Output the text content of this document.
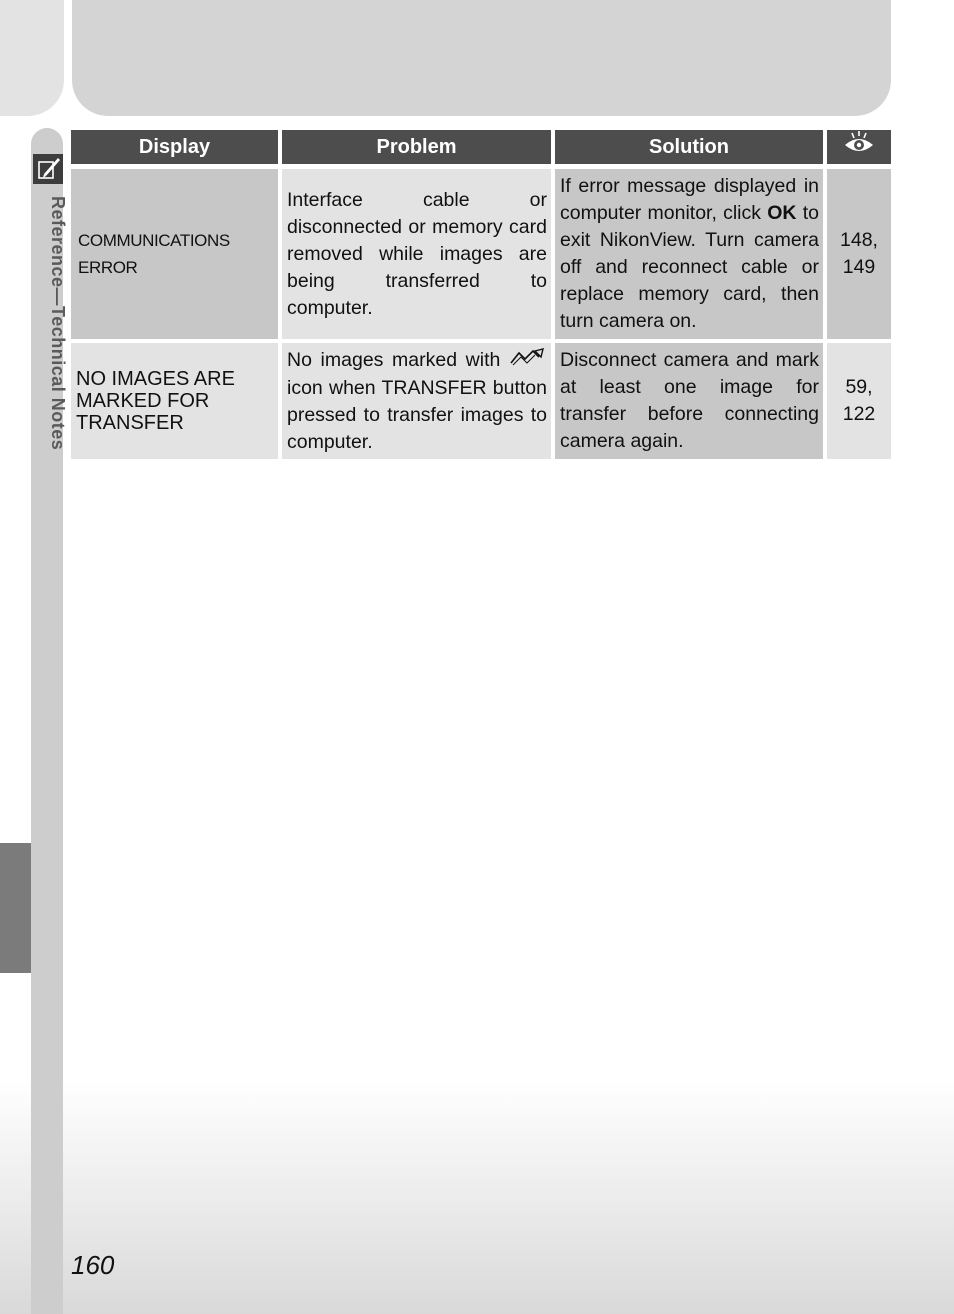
Reference—Technical Notes
Display	Problem	Solution
COMMUNICATIONS ERROR
Interface cable or disconnected or memory card removed while images are being transferred to computer.
If error message displayed in computer monitor, click OK to exit NikonView. Turn camera off and reconnect cable or replace memory card, then turn camera on.
148, 149
NO IMAGES ARE MARKED FOR TRANSFER
No images marked with  icon when TRANSFER button pressed to transfer images to computer.
Disconnect camera and mark at least one image for transfer before connecting camera again.
59, 122
160
